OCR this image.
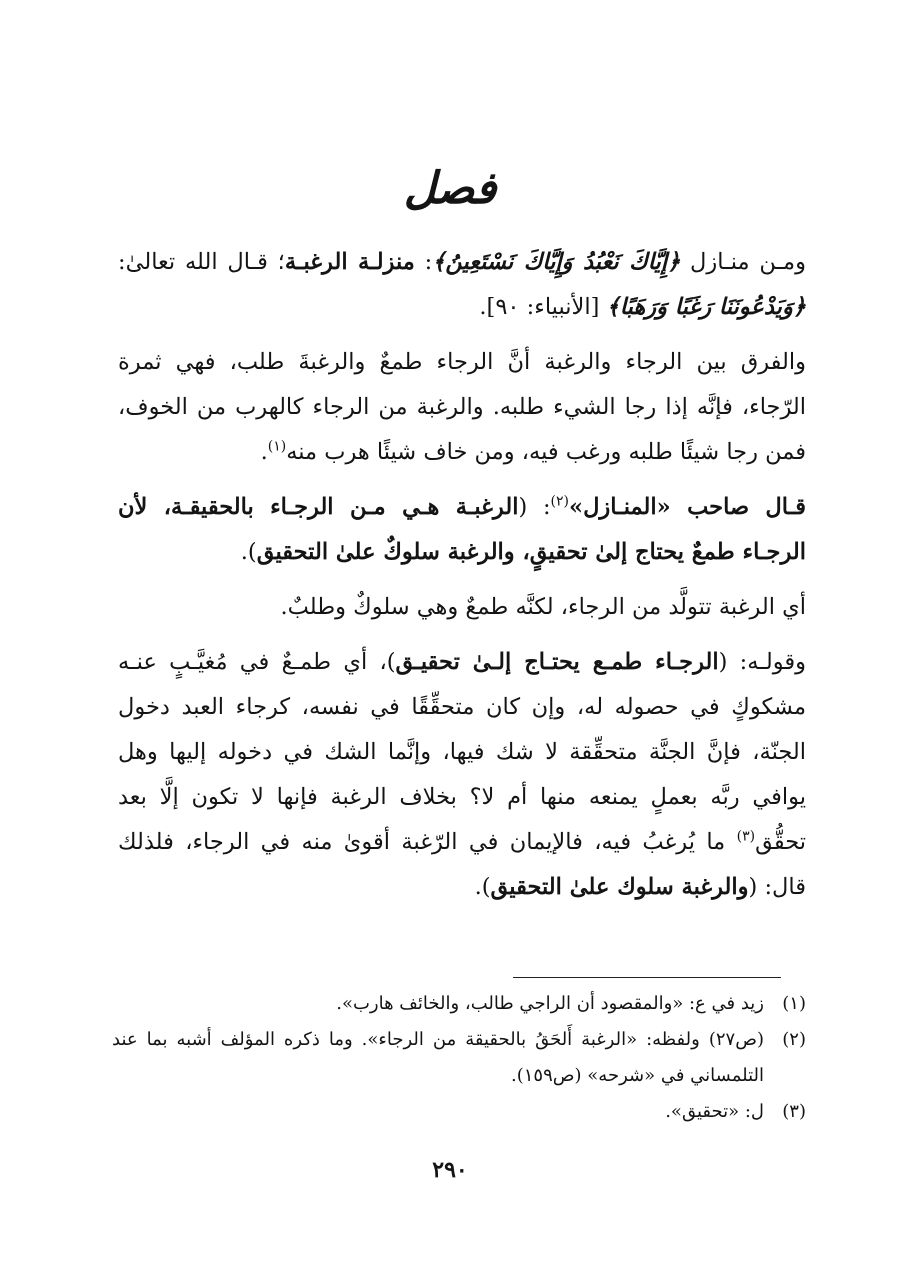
فصل

ومـن منـازل ﴿إِيَّاكَ نَعْبُدُ وَإِيَّاكَ نَسْتَعِينُ﴾: منزلـة الرغبـة؛ قـال الله تعالىٰ: ﴿وَيَدْعُونَنَا رَغَبًا وَرَهَبًا﴾ [الأنبياء: ٩٠].

والفرق بين الرجاء والرغبة أنَّ الرجاء طمعٌ والرغبةَ طلب، فهي ثمرة الرّجاء، فإنَّه إذا رجا الشيء طلبه. والرغبة من الرجاء كالهرب من الخوف، فمن رجا شيئًا طلبه ورغب فيه، ومن خاف شيئًا هرب منه$^{(١)}$.

قـال صاحب «المنـازل»$^{(٢)}$: (الرغبـة هـي مـن الرجـاء بالحقيقـة، لأن الرجـاء طمعٌ يحتاج إلىٰ تحقيقٍ، والرغبة سلوكٌ علىٰ التحقيق).

أي الرغبة تتولَّد من الرجاء، لكنَّه طمعٌ وهي سلوكٌ وطلبٌ.

وقولـه: (الرجـاء طمـع يحتـاج إلـىٰ تحقيـق)، أي طمـعٌ في مُغيَّـبٍ عنـه مشكوكٍ في حصوله له، وإن كان متحقِّقًا في نفسه، كرجاء العبد دخول الجنّة، فإنَّ الجنَّة متحقِّقة لا شك فيها، وإنَّما الشك في دخوله إليها وهل يوافي ربَّه بعملٍ يمنعه منها أم لا؟ بخلاف الرغبة فإنها لا تكون إلَّا بعد تحقُّق$^{(٣)}$ ما يُرغبُ فيه، فالإيمان في الرّغبة أقوىٰ منه في الرجاء، فلذلك قال: (والرغبة سلوك علىٰ التحقيق).

(١)
زيد في ع: «والمقصود أن الراجي طالب، والخائف هارب».
(٢)
(ص٢٧) ولفظه: «الرغبة أَلحَقُ بالحقيقة من الرجاء». وما ذكره المؤلف أشبه بما عند التلمساني في «شرحه» (ص١٥٩).
(٣)
ل: «تحقيق».
٢٩٠
